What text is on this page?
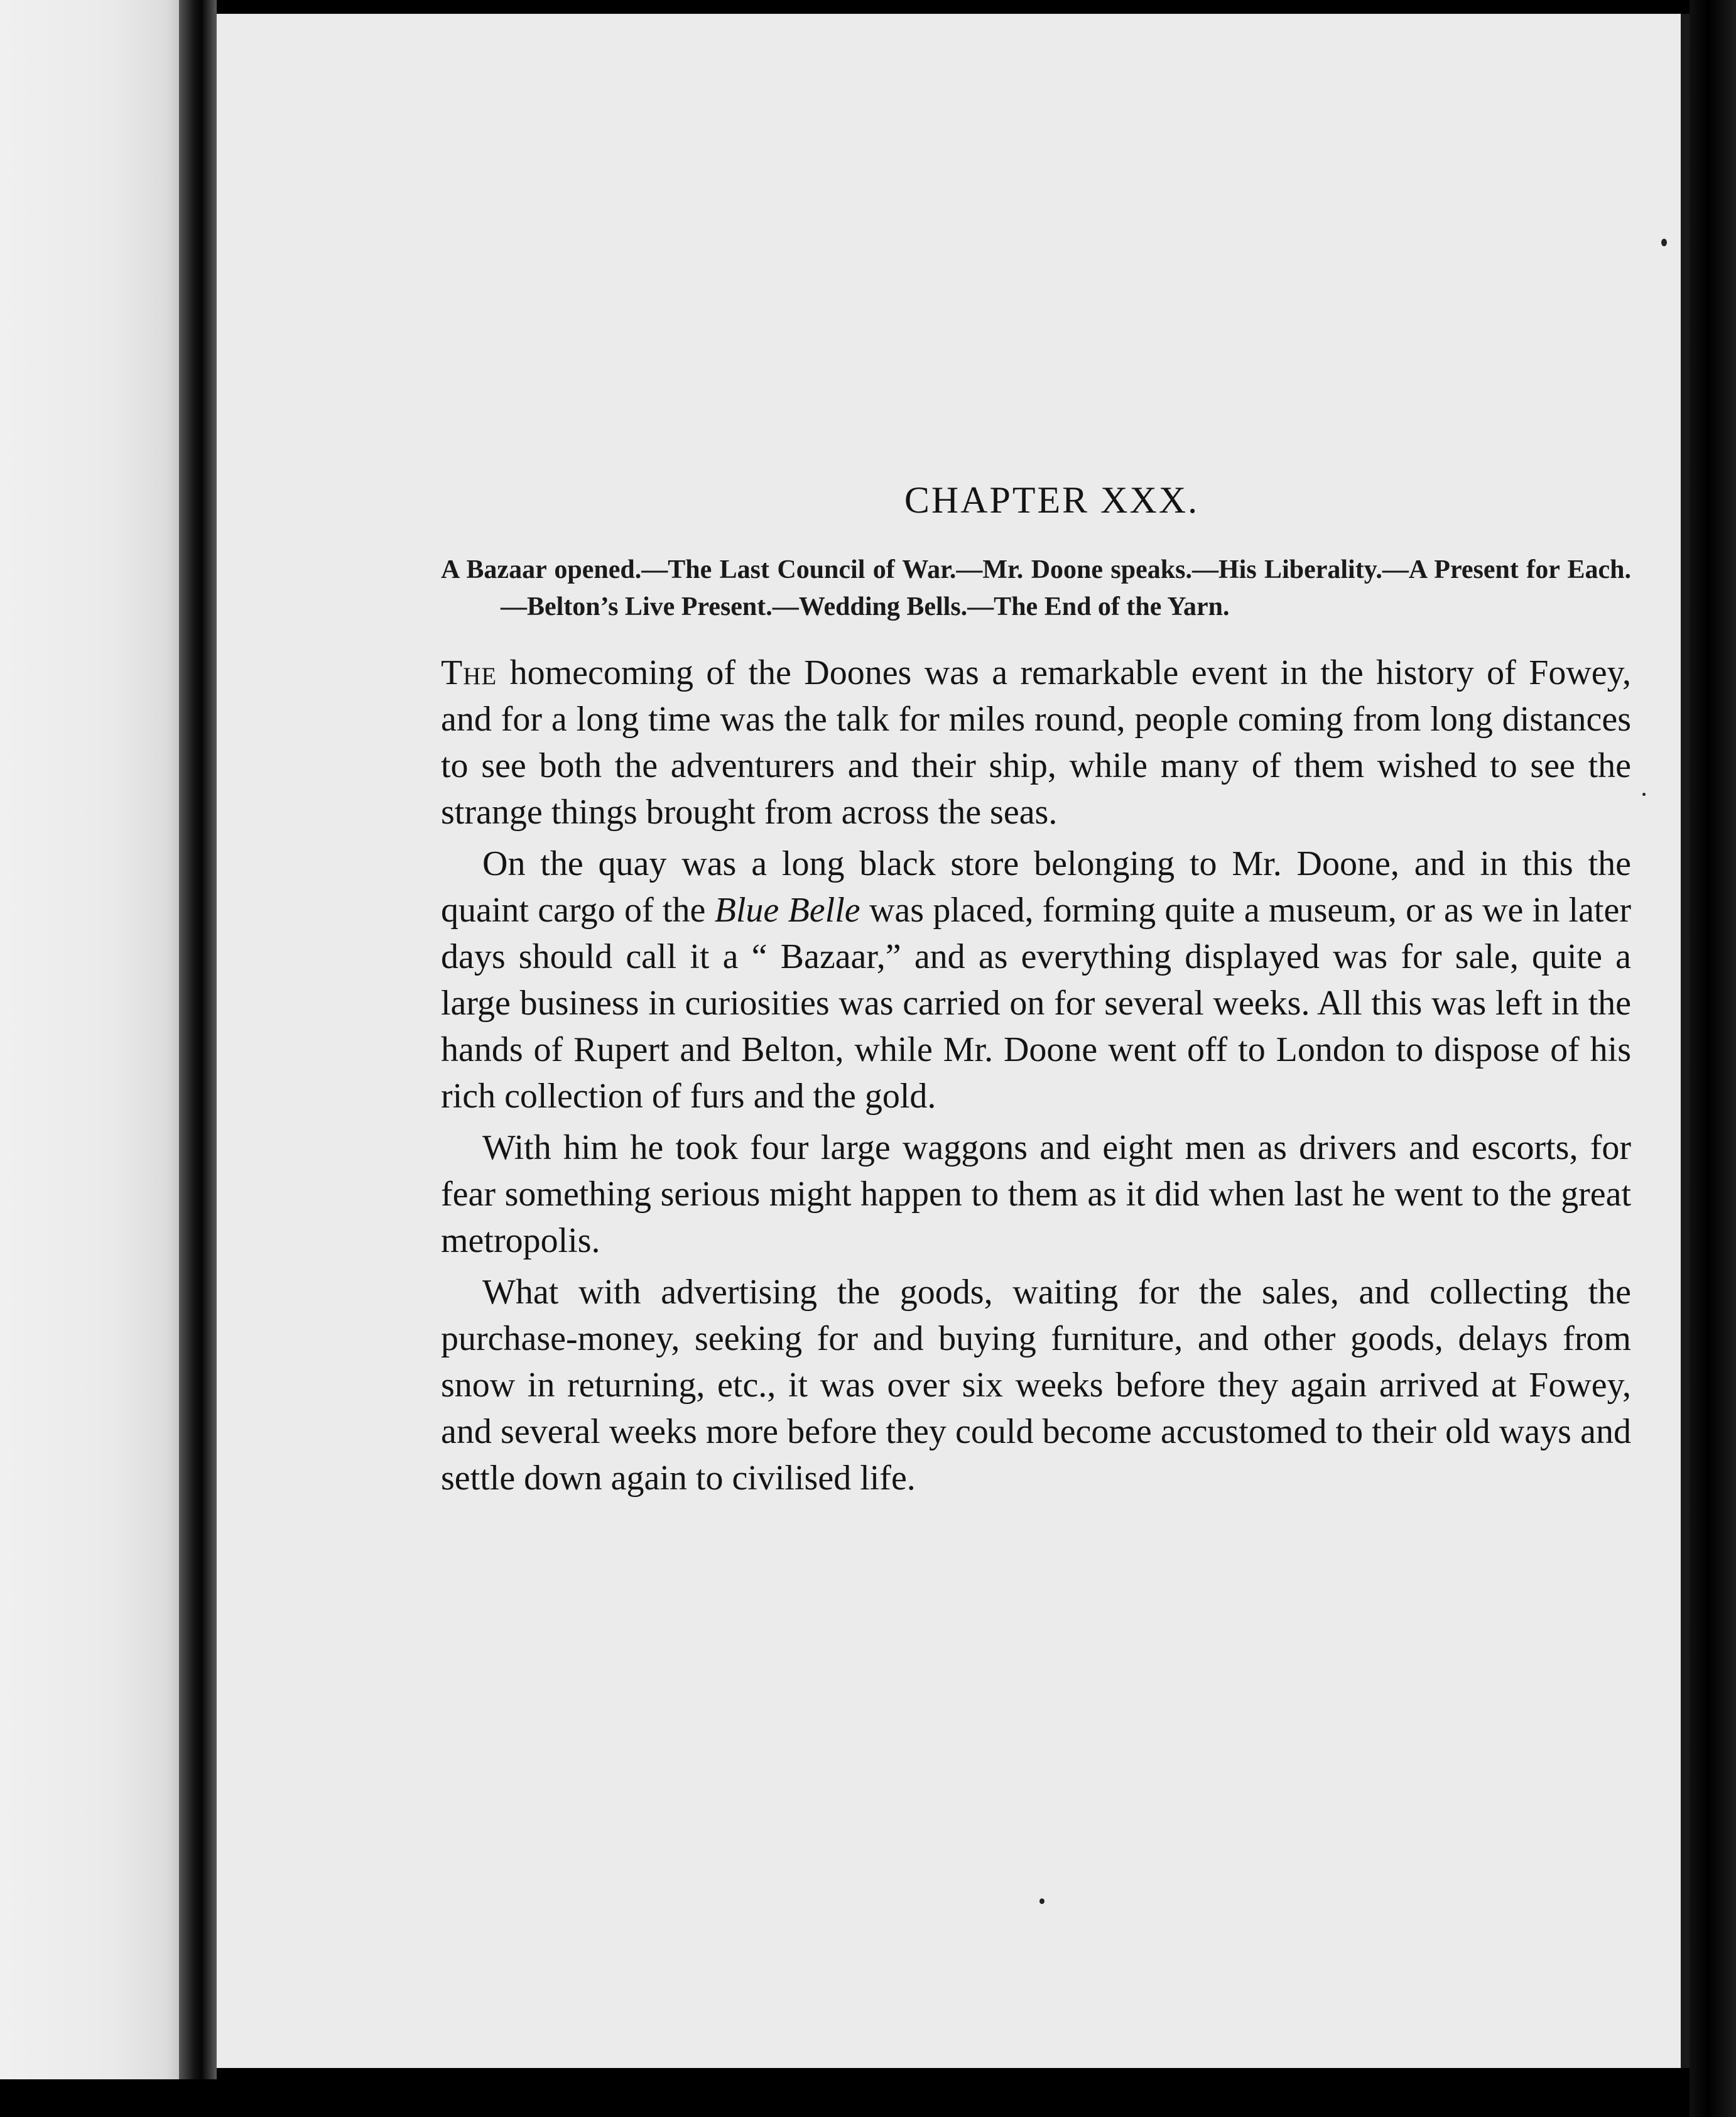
CHAPTER XXX.

A Bazaar opened.—The Last Council of War.—Mr. Doone speaks.—His Liberality.—A Present for Each.—Belton’s Live Present.—Wedding Bells.—The End of the Yarn.

The homecoming of the Doones was a remarkable event in the history of Fowey, and for a long time was the talk for miles round, people coming from long distances to see both the adventurers and their ship, while many of them wished to see the strange things brought from across the seas.

On the quay was a long black store belonging to Mr. Doone, and in this the quaint cargo of the Blue Belle was placed, forming quite a museum, or as we in later days should call it a “ Bazaar,” and as everything displayed was for sale, quite a large business in curiosities was carried on for several weeks. All this was left in the hands of Rupert and Belton, while Mr. Doone went off to London to dispose of his rich collection of furs and the gold.

With him he took four large waggons and eight men as drivers and escorts, for fear something serious might happen to them as it did when last he went to the great metropolis.

What with advertising the goods, waiting for the sales, and collecting the purchase-money, seeking for and buying furniture, and other goods, delays from snow in returning, etc., it was over six weeks before they again arrived at Fowey, and several weeks more before they could become accustomed to their old ways and settle down again to civilised life.
